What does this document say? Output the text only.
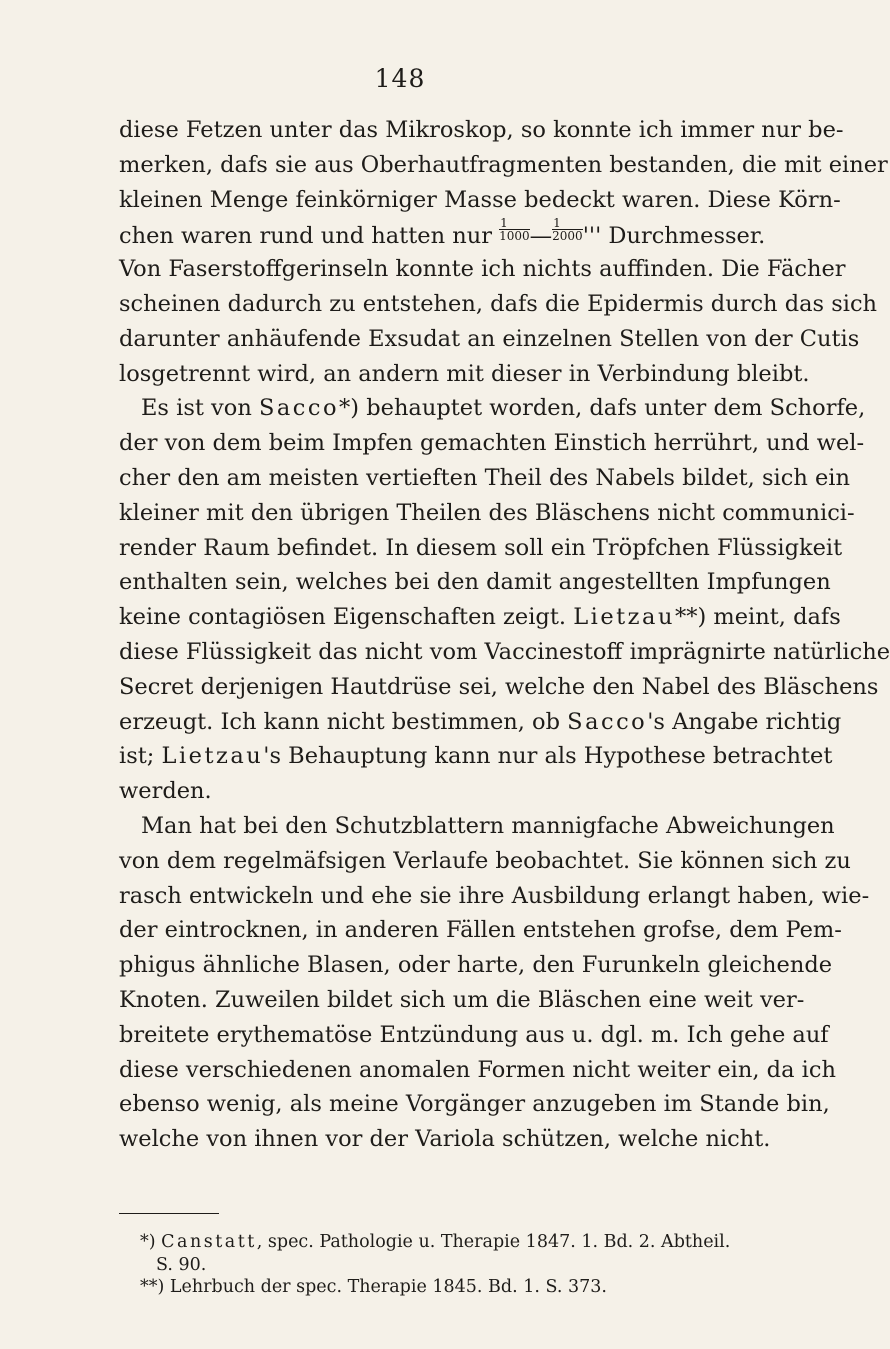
148
diese Fetzen unter das Mikroskop, so konnte ich immer nur be-
merken, dafs sie aus Oberhautfragmenten bestanden, die mit einer
kleinen Menge feinkörniger Masse bedeckt waren. Diese Körn-
chen waren rund und hatten nur $\frac{1}{1000}$ — $\frac{1}{2000}$ ''' Durchmesser.
Von Faserstoffgerinseln konnte ich nichts auffinden. Die Fächer
scheinen dadurch zu entstehen, dafs die Epidermis durch das sich
darunter anhäufende Exsudat an einzelnen Stellen von der Cutis
losgetrennt wird, an andern mit dieser in Verbindung bleibt.
Es ist von Sacco*) behauptet worden, dafs unter dem Schorfe,
der von dem beim Impfen gemachten Einstich herrührt, und wel-
cher den am meisten vertieften Theil des Nabels bildet, sich ein
kleiner mit den übrigen Theilen des Bläschens nicht communici-
render Raum befindet. In diesem soll ein Tröpfchen Flüssigkeit
enthalten sein, welches bei den damit angestellten Impfungen
keine contagiösen Eigenschaften zeigt. Lietzau**) meint, dafs
diese Flüssigkeit das nicht vom Vaccinestoff imprägnirte natürliche
Secret derjenigen Hautdrüse sei, welche den Nabel des Bläschens
erzeugt. Ich kann nicht bestimmen, ob Sacco's Angabe richtig
ist; Lietzau's Behauptung kann nur als Hypothese betrachtet
werden.
Man hat bei den Schutzblattern mannigfache Abweichungen
von dem regelmäfsigen Verlaufe beobachtet. Sie können sich zu
rasch entwickeln und ehe sie ihre Ausbildung erlangt haben, wie-
der eintrocknen, in anderen Fällen entstehen grofse, dem Pem-
phigus ähnliche Blasen, oder harte, den Furunkeln gleichende
Knoten. Zuweilen bildet sich um die Bläschen eine weit ver-
breitete erythematöse Entzündung aus u. dgl. m. Ich gehe auf
diese verschiedenen anomalen Formen nicht weiter ein, da ich
ebenso wenig, als meine Vorgänger anzugeben im Stande bin,
welche von ihnen vor der Variola schützen, welche nicht.
*) Canstatt, spec. Pathologie u. Therapie 1847. 1. Bd. 2. Abtheil.
S. 90.
**) Lehrbuch der spec. Therapie 1845. Bd. 1. S. 373.
